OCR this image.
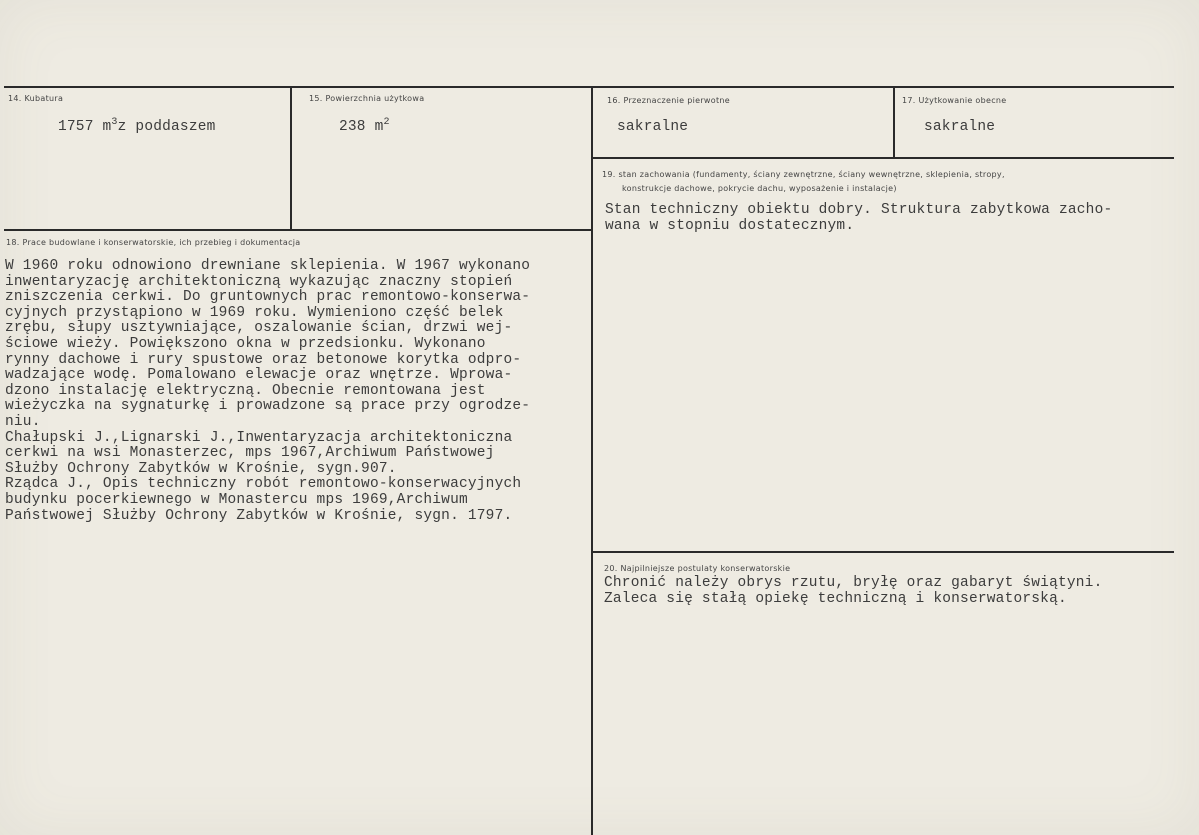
14. Kubatura
1757 $m^3z$ poddaszem
15. Powierzchnia użytkowa
238 $m^2$
16. Przeznaczenie pierwotne
sakralne
17. Użytkowanie obecne
sakralne
18. Prace budowlane i konserwatorskie, ich przebieg i dokumentacja
W 1960 roku odnowiono drewniane sklepienia. W 1967 wykonano
inwentaryzację architektoniczną wykazując znaczny stopień
zniszczenia cerkwi. Do gruntownych prac remontowo-konserwa-
cyjnych przystąpiono w 1969 roku. Wymieniono część belek
zrębu, słupy usztywniające, oszalowanie ścian, drzwi wej-
ściowe wieży. Powiększono okna w przedsionku. Wykonano
rynny dachowe i rury spustowe oraz betonowe korytka odpro-
wadzające wodę. Pomalowano elewacje oraz wnętrze. Wprowa-
dzono instalację elektryczną. Obecnie remontowana jest
wieżyczka na sygnaturkę i prowadzone są prace przy ogrodze-
niu.
Chałupski J.,Lignarski J.,Inwentaryzacja architektoniczna
cerkwi na wsi Monasterzec, mps 1967,Archiwum Państwowej
Służby Ochrony Zabytków w Krośnie, sygn.907.
Rządca J., Opis techniczny robót remontowo-konserwacyjnych
budynku pocerkiewnego w Monastercu mps 1969,Archiwum
Państwowej Służby Ochrony Zabytków w Krośnie, sygn. 1797.
19. stan zachowania (fundamenty, ściany zewnętrzne, ściany wewnętrzne, sklepienia, stropy,
konstrukcje dachowe, pokrycie dachu, wyposażenie i instalacje)
Stan techniczny obiektu dobry. Struktura zabytkowa zacho-
wana w stopniu dostatecznym.
20. Najpilniejsze postulaty konserwatorskie
Chronić należy obrys rzutu, bryłę oraz gabaryt świątyni.
Zaleca się stałą opiekę techniczną i konserwatorską.
